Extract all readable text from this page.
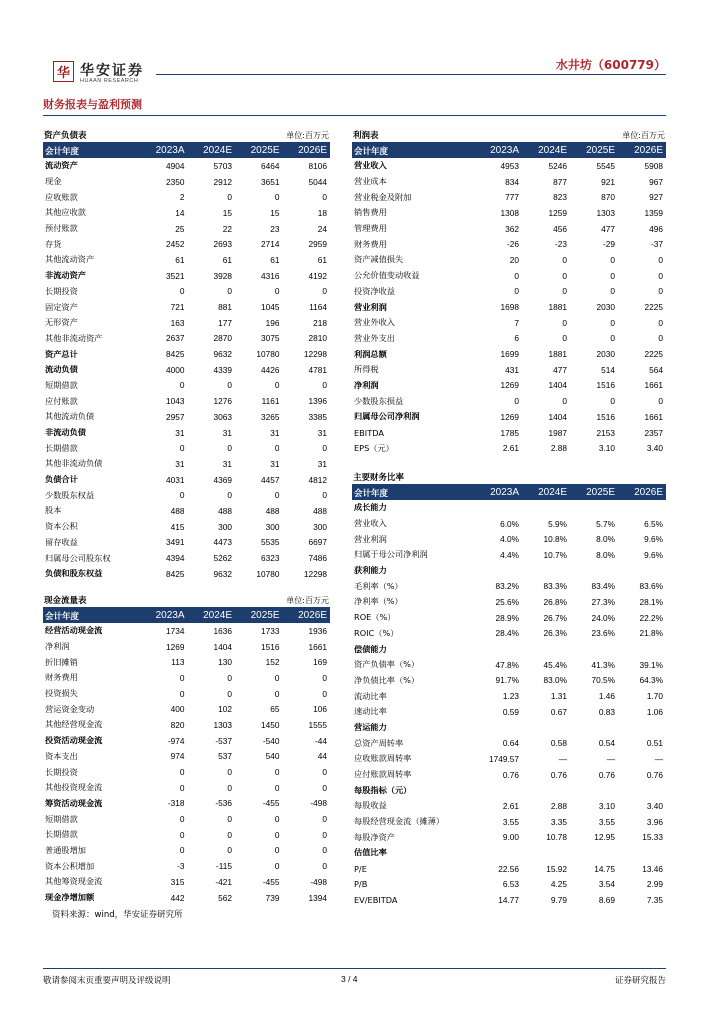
华 华安证券
HUAAN RESEARCH
水井坊（600779）
财务报表与盈利预测
资产负债表	单位:百万元
会计年度	2023A	2024E	2025E	2026E
流动资产	4904	5703	6464	8106
现金	2350	2912	3651	5044
应收账款	2	0	0	0
其他应收款	14	15	15	18
预付账款	25	22	23	24
存货	2452	2693	2714	2959
其他流动资产	61	61	61	61
非流动资产	3521	3928	4316	4192
长期投资	0	0	0	0
固定资产	721	881	1045	1164
无形资产	163	177	196	218
其他非流动资产	2637	2870	3075	2810
资产总计	8425	9632	10780	12298
流动负债	4000	4339	4426	4781
短期借款	0	0	0	0
应付账款	1043	1276	1161	1396
其他流动负债	2957	3063	3265	3385
非流动负债	31	31	31	31
长期借款	0	0	0	0
其他非流动负债	31	31	31	31
负债合计	4031	4369	4457	4812
少数股东权益	0	0	0	0
股本	488	488	488	488
资本公积	415	300	300	300
留存收益	3491	4473	5535	6697
归属母公司股东权	4394	5262	6323	7486
负债和股东权益	8425	9632	10780	12298
现金流量表	单位:百万元
会计年度	2023A	2024E	2025E	2026E
经营活动现金流	1734	1636	1733	1936
净利润	1269	1404	1516	1661
折旧摊销	113	130	152	169
财务费用	0	0	0	0
投资损失	0	0	0	0
营运资金变动	400	102	65	106
其他经营现金流	820	1303	1450	1555
投资活动现金流	-974	-537	-540	-44
资本支出	974	537	540	44
长期投资	0	0	0	0
其他投资现金流	0	0	0	0
筹资活动现金流	-318	-536	-455	-498
短期借款	0	0	0	0
长期借款	0	0	0	0
普通股增加	0	0	0	0
资本公积增加	-3	-115	0	0
其他筹资现金流	315	-421	-455	-498
现金净增加额	442	562	739	1394
利润表	单位:百万元
会计年度	2023A	2024E	2025E	2026E
营业收入	4953	5246	5545	5908
营业成本	834	877	921	967
营业税金及附加	777	823	870	927
销售费用	1308	1259	1303	1359
管理费用	362	456	477	496
财务费用	-26	-23	-29	-37
资产减值损失	20	0	0	0
公允价值变动收益	0	0	0	0
投资净收益	0	0	0	0
营业利润	1698	1881	2030	2225
营业外收入	7	0	0	0
营业外支出	6	0	0	0
利润总额	1699	1881	2030	2225
所得税	431	477	514	564
净利润	1269	1404	1516	1661
少数股东损益	0	0	0	0
归属母公司净利润	1269	1404	1516	1661
EBITDA	1785	1987	2153	2357
EPS（元）	2.61	2.88	3.10	3.40
主要财务比率
会计年度	2023A	2024E	2025E	2026E
成长能力				
营业收入	6.0%	5.9%	5.7%	6.5%
营业利润	4.0%	10.8%	8.0%	9.6%
归属于母公司净利润	4.4%	10.7%	8.0%	9.6%
获利能力				
毛利率（%）	83.2%	83.3%	83.4%	83.6%
净利率（%）	25.6%	26.8%	27.3%	28.1%
ROE（%）	28.9%	26.7%	24.0%	22.2%
ROIC（%）	28.4%	26.3%	23.6%	21.8%
偿债能力				
资产负债率（%）	47.8%	45.4%	41.3%	39.1%
净负债比率（%）	91.7%	83.0%	70.5%	64.3%
流动比率	1.23	1.31	1.46	1.70
速动比率	0.59	0.67	0.83	1.06
营运能力				
总资产周转率	0.64	0.58	0.54	0.51
应收账款周转率	1749.57	—	—	—
应付账款周转率	0.76	0.76	0.76	0.76
每股指标（元）				
每股收益	2.61	2.88	3.10	3.40
每股经营现金流（摊薄）	3.55	3.35	3.55	3.96
每股净资产	9.00	10.78	12.95	15.33
估值比率				
P/E	22.56	15.92	14.75	13.46
P/B	6.53	4.25	3.54	2.99
EV/EBITDA	14.77	9.79	8.69	7.35
资料来源：wind，华安证券研究所
敬请参阅末页重要声明及评级说明	3 / 4	证券研究报告
